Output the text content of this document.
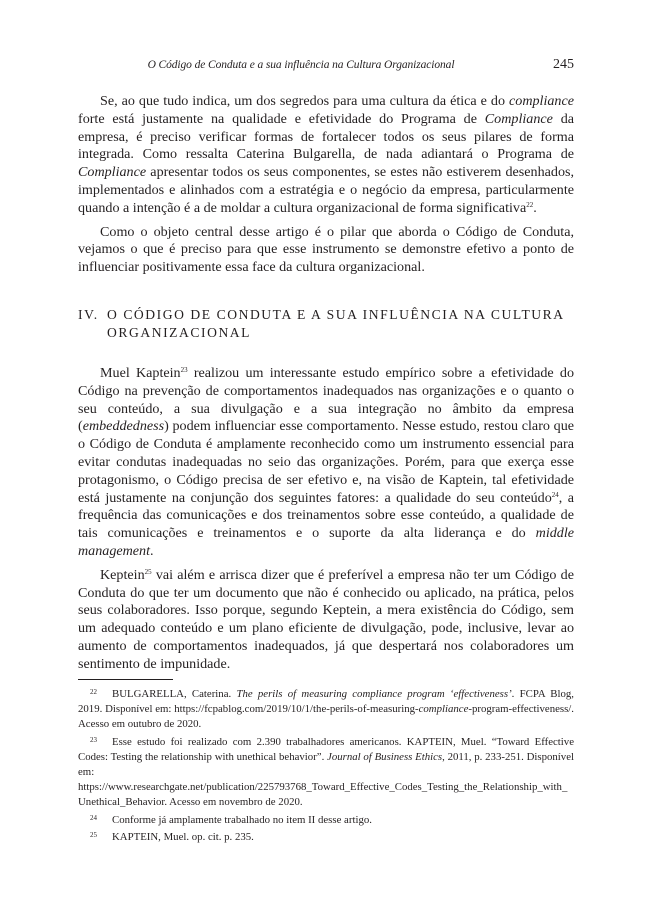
O Código de Conduta e a sua influência na Cultura Organizacional	245

Se, ao que tudo indica, um dos segredos para uma cultura da ética e do compliance forte está justamente na qualidade e efetividade do Programa de Compliance da empresa, é preciso verificar formas de fortalecer todos os seus pilares de forma integrada. Como ressalta Caterina Bulgarella, de nada adiantará o Programa de Compliance apresentar todos os seus componentes, se estes não estiverem desenhados, implementados e alinhados com a estratégia e o negócio da empresa, particularmente quando a intenção é a de moldar a cultura organizacional de forma significativa$^{22}$.

Como o objeto central desse artigo é o pilar que aborda o Código de Conduta, vejamos o que é preciso para que esse instrumento se demonstre efetivo a ponto de influenciar positivamente essa face da cultura organizacional.

IV. O CÓDIGO DE CONDUTA E A SUA INFLUÊNCIA NA CULTURA ORGANIZACIONAL

Muel Kaptein$^{23}$ realizou um interessante estudo empírico sobre a efetividade do Código na prevenção de comportamentos inadequados nas organizações e o quanto o seu conteúdo, a sua divulgação e a sua integração no âmbito da empresa (embeddedness) podem influenciar esse comportamento. Nesse estudo, restou claro que o Código de Conduta é amplamente reconhecido como um instrumento essencial para evitar condutas inadequadas no seio das organizações. Porém, para que exerça esse protagonismo, o Código precisa de ser efetivo e, na visão de Kaptein, tal efetividade está justamente na conjunção dos seguintes fatores: a qualidade do seu conteúdo$^{24}$, a frequência das comunicações e dos treinamentos sobre esse conteúdo, a qualidade de tais comunicações e treinamentos e o suporte da alta liderança e do middle management.

Keptein$^{25}$ vai além e arrisca dizer que é preferível a empresa não ter um Código de Conduta do que ter um documento que não é conhecido ou aplicado, na prática, pelos seus colaboradores. Isso porque, segundo Keptein, a mera existência do Código, sem um adequado conteúdo e um plano eficiente de divulgação, pode, inclusive, levar ao aumento de comportamentos inadequados, já que despertará nos colaboradores um sentimento de impunidade.

22 BULGARELLA, Caterina. The perils of measuring compliance program ‘effectiveness’. FCPA Blog, 2019. Disponível em: https://fcpablog.com/2019/10/1/the-perils-of-measuring-compliance-program-effectiveness/. Acesso em outubro de 2020.

23 Esse estudo foi realizado com 2.390 trabalhadores americanos. KAPTEIN, Muel. “Toward Effective Codes: Testing the relationship with unethical behavior”. Journal of Business Ethics, 2011, p. 233-251. Disponível em: https://www.researchgate.net/publication/225793768_Toward_Effective_Codes_Testing_the_Relationship_with_Unethical_Behavior. Acesso em novembro de 2020.

24 Conforme já amplamente trabalhado no item II desse artigo.

25 KAPTEIN, Muel. op. cit. p. 235.
